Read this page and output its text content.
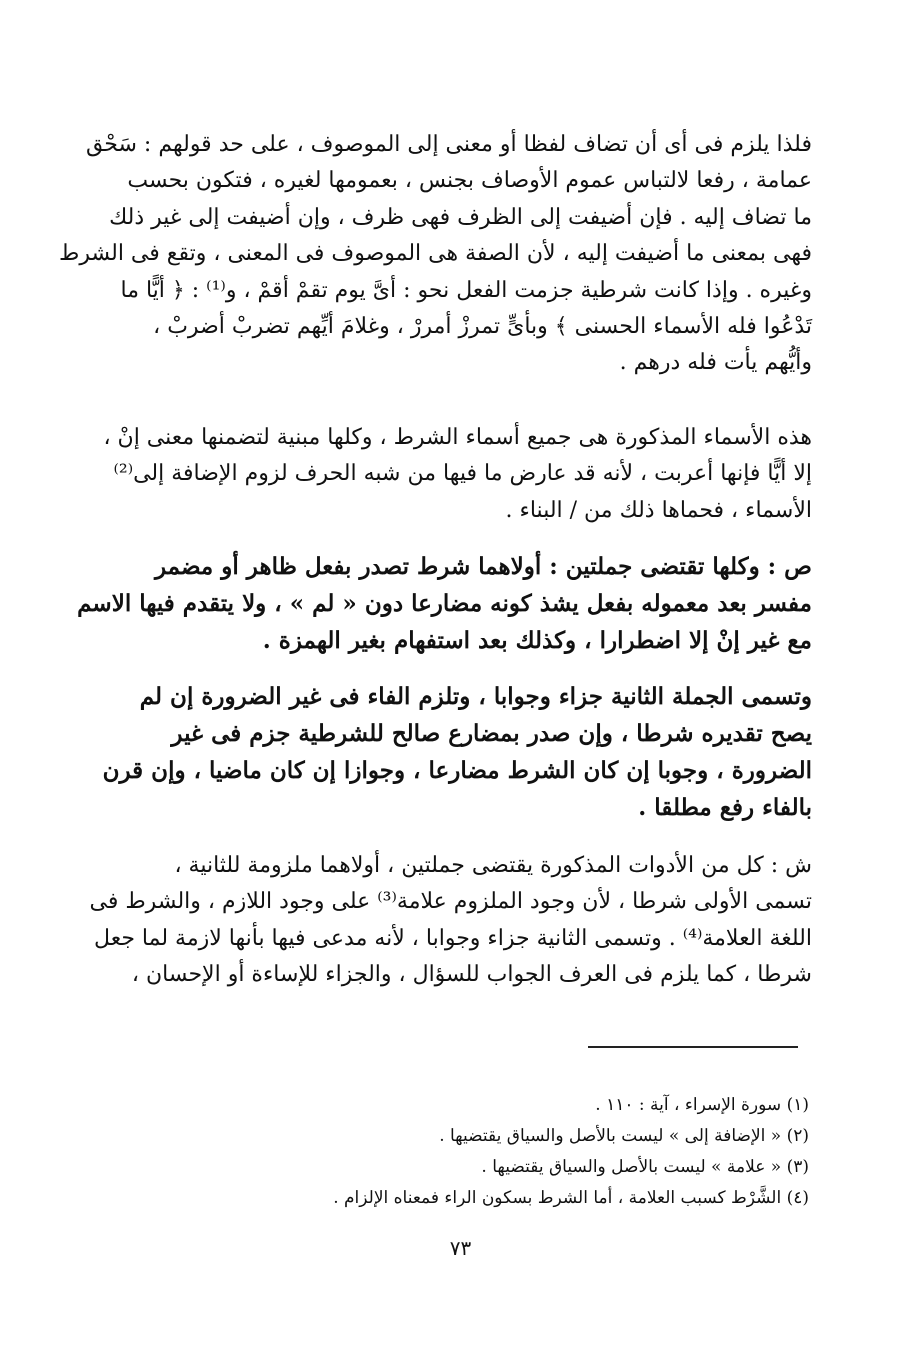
فلذا يلزم فى أى أن تضاف لفظا أو معنى إلى الموصوف ، على حد قولهم : سَحْق
عمامة ، رفعا لالتباس عموم الأوصاف بجنس ، بعمومها لغيره ، فتكون بحسب
ما تضاف إليه . فإن أضيفت إلى الظرف فهى ظرف ، وإن أضيفت إلى غير ذلك
فهى بمعنى ما أضيفت إليه ، لأن الصفة هى الموصوف فى المعنى ، وتقع فى الشرط
وغيره . وإذا كانت شرطية جزمت الفعل نحو : أىَّ يوم تقمْ أقمْ ، و⁽¹⁾ : ﴿ أيًّا ما
تَدْعُوا فله الأسماء الحسنى ﴾ وبأىٍّ تمرزْ أمررْ ، وغلامَ أيِّهم تضربْ أضربْ ،
وأيُّهم يأت فله درهم .
هذه الأسماء المذكورة هى جميع أسماء الشرط ، وكلها مبنية لتضمنها معنى إنْ ،
إلا أيًّا فإنها أعربت ، لأنه قد عارض ما فيها من شبه الحرف لزوم الإضافة إلى⁽²⁾
الأسماء ، فحماها ذلك من / البناء .
ص : وكلها تقتضى جملتين : أولاهما شرط تصدر بفعل ظاهر أو مضمر
مفسر بعد معموله بفعل يشذ كونه مضارعا دون « لم » ، ولا يتقدم فيها الاسم
مع غير إنْ إلا اضطرارا ، وكذلك بعد استفهام بغير الهمزة .
وتسمى الجملة الثانية جزاء وجوابا ، وتلزم الفاء فى غير الضرورة إن لم
يصح تقديره شرطا ، وإن صدر بمضارع صالح للشرطية جزم فى غير
الضرورة ، وجوبا إن كان الشرط مضارعا ، وجوازا إن كان ماضيا ، وإن قرن
بالفاء رفع مطلقا .
ش : كل من الأدوات المذكورة يقتضى جملتين ، أولاهما ملزومة للثانية ،
تسمى الأولى شرطا ، لأن وجود الملزوم علامة⁽³⁾ على وجود اللازم ، والشرط فى
اللغة العلامة⁽⁴⁾ . وتسمى الثانية جزاء وجوابا ، لأنه مدعى فيها بأنها لازمة لما جعل
شرطا ، كما يلزم فى العرف الجواب للسؤال ، والجزاء للإساءة أو الإحسان ،
(١) سورة الإسراء ، آية : ١١٠ .
(٢) « الإضافة إلى » ليست بالأصل والسياق يقتضيها .
(٣) « علامة » ليست بالأصل والسياق يقتضيها .
(٤) الشَّرْط كسبب العلامة ، أما الشرط بسكون الراء فمعناه الإلزام .
٧٣
